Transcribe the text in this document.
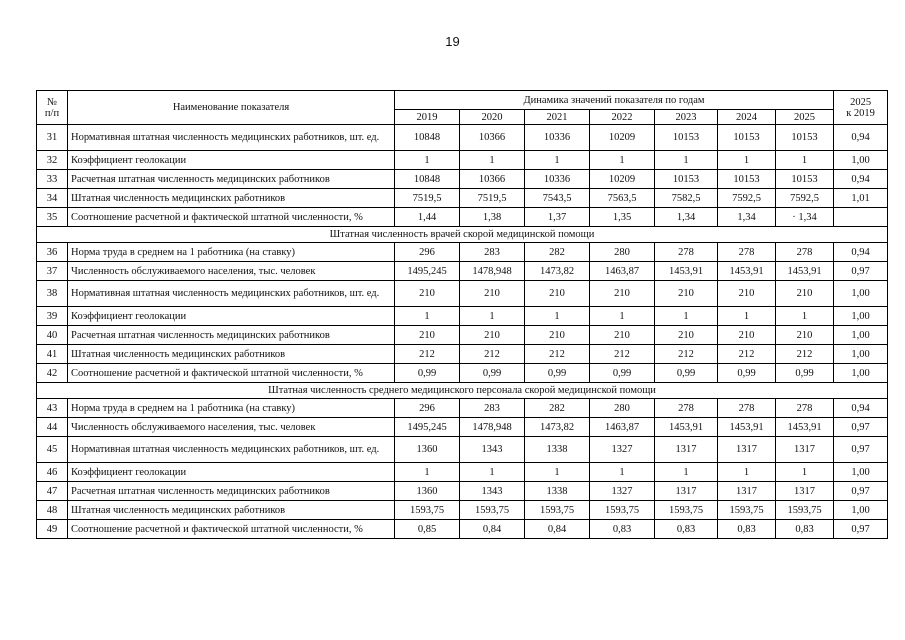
19
№
п/п	Наименование показателя	Динамика значений показателя по годам							2025
к 2019
		2019	2020	2021	2022	2023	2024	2025	
31	Нормативная штатная численность медицинских работников, шт. ед.	10848	10366	10336	10209	10153	10153	10153	0,94
32	Коэффициент геолокации	1	1	1	1	1	1	1	1,00
33	Расчетная штатная численность медицинских работников	10848	10366	10336	10209	10153	10153	10153	0,94
34	Штатная численность медицинских работников	7519,5	7519,5	7543,5	7563,5	7582,5	7592,5	7592,5	1,01
35	Соотношение расчетной и фактической штатной численности, %	1,44	1,38	1,37	1,35	1,34	1,34	· 1,34	
Штатная численность врачей скорой медицинской помощи									
36	Норма труда в среднем на 1 работника (на ставку)	296	283	282	280	278	278	278	0,94
37	Численность обслуживаемого населения, тыс. человек	1495,245	1478,948	1473,82	1463,87	1453,91	1453,91	1453,91	0,97
38	Нормативная штатная численность медицинских работников, шт. ед.	210	210	210	210	210	210	210	1,00
39	Коэффициент геолокации	1	1	1	1	1	1	1	1,00
40	Расчетная штатная численность медицинских работников	210	210	210	210	210	210	210	1,00
41	Штатная численность медицинских работников	212	212	212	212	212	212	212	1,00
42	Соотношение расчетной и фактической штатной численности, %	0,99	0,99	0,99	0,99	0,99	0,99	0,99	1,00
Штатная численность среднего медицинского персонала скорой медицинской помощи									
43	Норма труда в среднем на 1 работника (на ставку)	296	283	282	280	278	278	278	0,94
44	Численность обслуживаемого населения, тыс. человек	1495,245	1478,948	1473,82	1463,87	1453,91	1453,91	1453,91	0,97
45	Нормативная штатная численность медицинских работников, шт. ед.	1360	1343	1338	1327	1317	1317	1317	0,97
46	Коэффициент геолокации	1	1	1	1	1	1	1	1,00
47	Расчетная штатная численность медицинских работников	1360	1343	1338	1327	1317	1317	1317	0,97
48	Штатная численность медицинских работников	1593,75	1593,75	1593,75	1593,75	1593,75	1593,75	1593,75	1,00
49	Соотношение расчетной и фактической штатной численности, %	0,85	0,84	0,84	0,83	0,83	0,83	0,83	0,97
